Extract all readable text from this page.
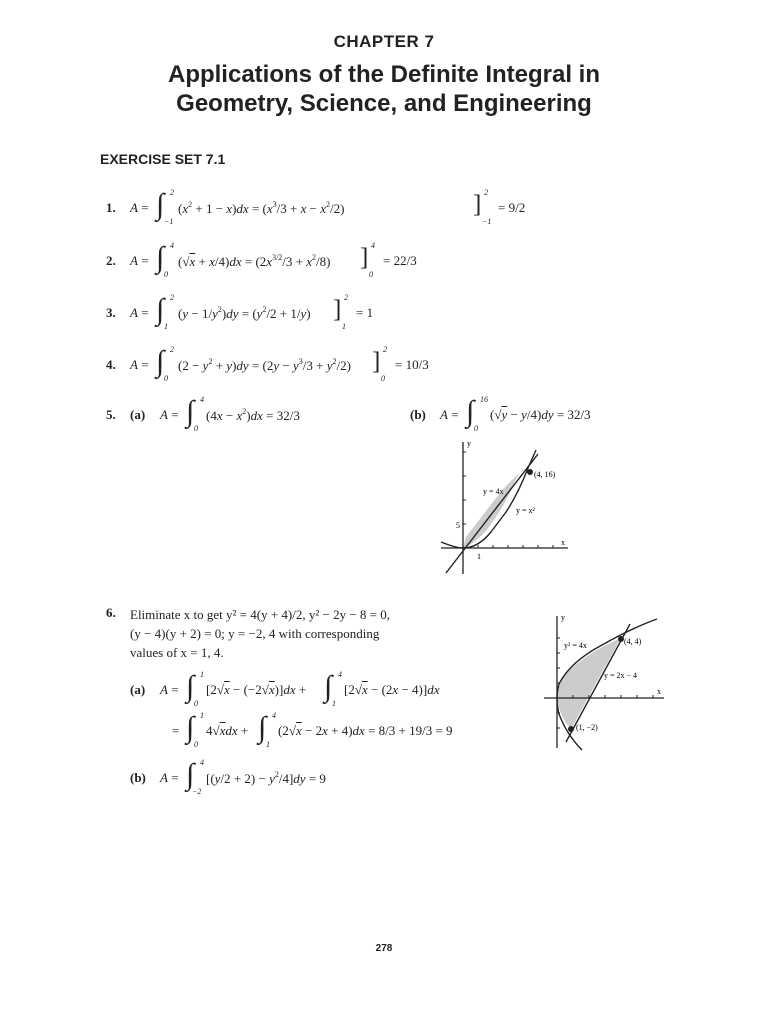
CHAPTER 7
Applications of the Definite Integral in
Geometry, Science, and Engineering
EXERCISE SET 7.1
1. A = ∫ 2
−1
$(x^2 + 1 - x)dx = (x^3/3 + x - x^2/2)$	] 2
−1
= 9/2
2. A = ∫ 4
0
$(√x + x/4)dx = (2x^{3/2}/3 + x^2/8)$ ] 4
0
= 22/3
3. A = ∫ 2
1
$(y - 1/y^2)dy = (y^2/2 + 1/y)$ ] 2
1
= 1
4. A = ∫ 2
0
$(2 - y^2 + y)dy = (2y - y^3/3 + y^2/2)$ ] 2
0
= 10/3
5. (a) A = ∫ 4
0
$(4x - x^2)dx = 32/3$	(b) A = ∫ 16
0
(√y − y/4)dy = 32/3
y
x
(4, 16)
y = 4x
y = x²
5
1
6. Eliminate x to get y² = 4(y + 4)/2, y² − 2y − 8 = 0,
(y − 4)(y + 2) = 0; y = −2, 4 with corresponding
values of x = 1, 4.
(a) A = ∫ 1
0
[2√x − (−2√x)]dx + ∫ 4
1
[2√x − (2x − 4)]dx
= ∫ 1
0
4√xdx + ∫ 4
1
(2√x − 2x + 4)dx = 8/3 + 19/3 = 9
(b) A = ∫ 4
−2
$[(y/2 + 2) - y^2/4]dy = 9$
y
x
(4, 4)
(1, −2)
y² = 4x
y = 2x − 4
278
